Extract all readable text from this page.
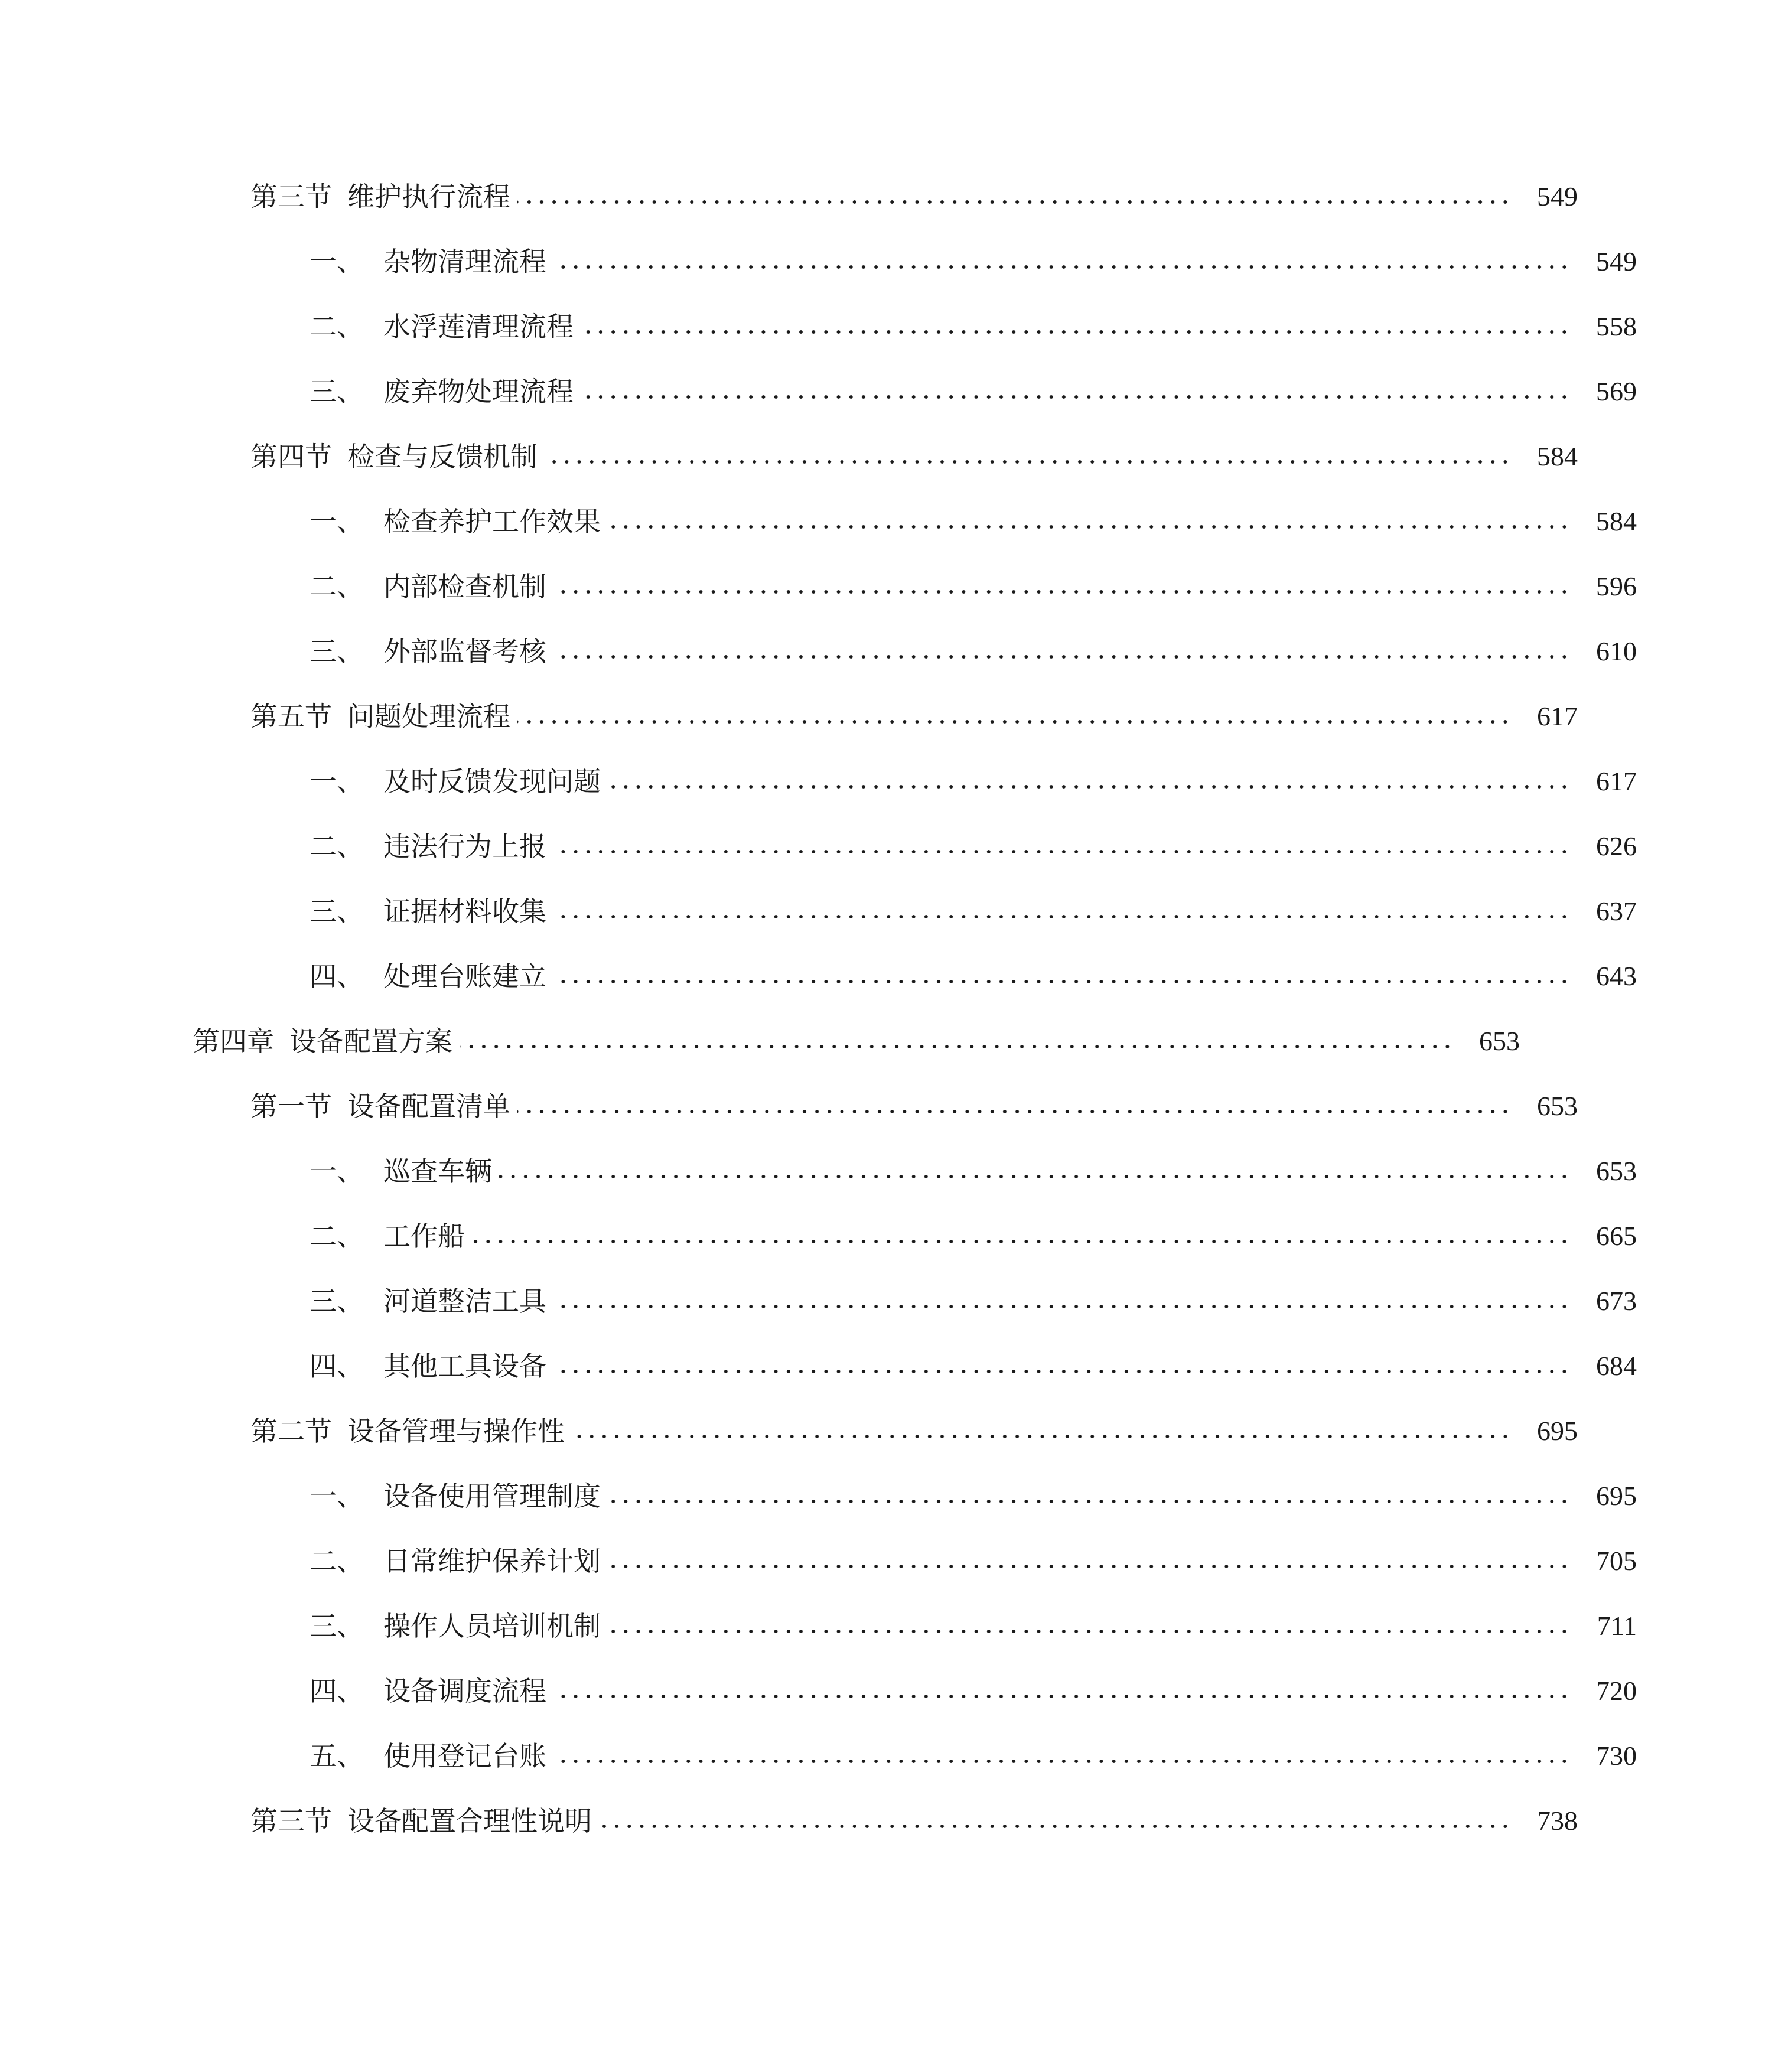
第三节 维护执行流程	549
一、 杂物清理流程	549
二、 水浮莲清理流程	558
三、 废弃物处理流程	569
第四节 检查与反馈机制	584
一、 检查养护工作效果	584
二、 内部检查机制	596
三、 外部监督考核	610
第五节 问题处理流程	617
一、 及时反馈发现问题	617
二、 违法行为上报	626
三、 证据材料收集	637
四、 处理台账建立	643
第四章 设备配置方案	653
第一节 设备配置清单	653
一、 巡查车辆	653
二、 工作船	665
三、 河道整洁工具	673
四、 其他工具设备	684
第二节 设备管理与操作性	695
一、 设备使用管理制度	695
二、 日常维护保养计划	705
三、 操作人员培训机制	711
四、 设备调度流程	720
五、 使用登记台账	730
第三节 设备配置合理性说明	738
